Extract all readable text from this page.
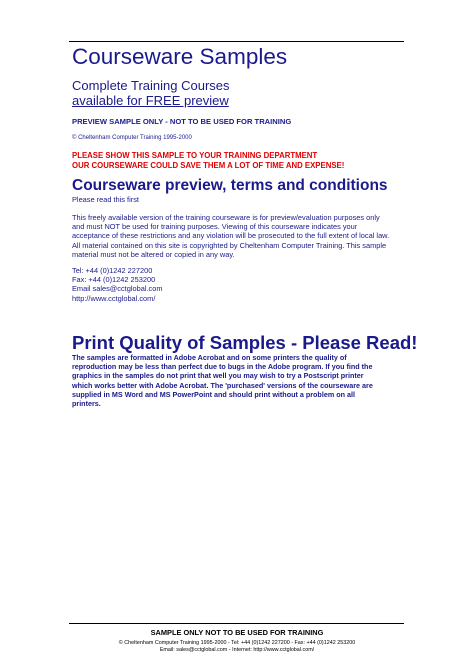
Courseware Samples
Complete Training Courses
available for FREE preview
PREVIEW SAMPLE ONLY - NOT TO BE USED FOR TRAINING
© Cheltenham Computer Training 1995-2000
PLEASE SHOW THIS SAMPLE TO YOUR TRAINING DEPARTMENT
OUR COURSEWARE COULD SAVE THEM A LOT OF TIME AND EXPENSE!
Courseware preview, terms and conditions
Please read this first
This freely available version of the training courseware is for preview/evaluation purposes only
and must NOT be used for training purposes. Viewing of this courseware indicates your
acceptance of these restrictions and any violation will be prosecuted to the full extent of local law.
All material contained on this site is copyrighted by Cheltenham Computer Training. This sample
material must not be altered or copied in any way.
Tel: +44 (0)1242 227200
Fax: +44 (0)1242 253200
Email sales@cctglobal.com
http://www.cctglobal.com/
Print Quality of Samples - Please Read!
The samples are formatted in Adobe Acrobat and on some printers the quality of
reproduction may be less than perfect due to bugs in the Adobe program. If you find the
graphics in the samples do not print that well you may wish to try a Postscript printer
which works better with Adobe Acrobat. The 'purchased' versions of the courseware are
supplied in MS Word and MS PowerPoint and should print without a problem on all
printers.
SAMPLE ONLY NOT TO BE USED FOR TRAINING
© Cheltenham Computer Training 1995-2000 - Tel: +44 (0)1242 227200 - Fax: +44 (0)1242 253200
Email: sales@cctglobal.com - Internet: http://www.cctglobal.com/
